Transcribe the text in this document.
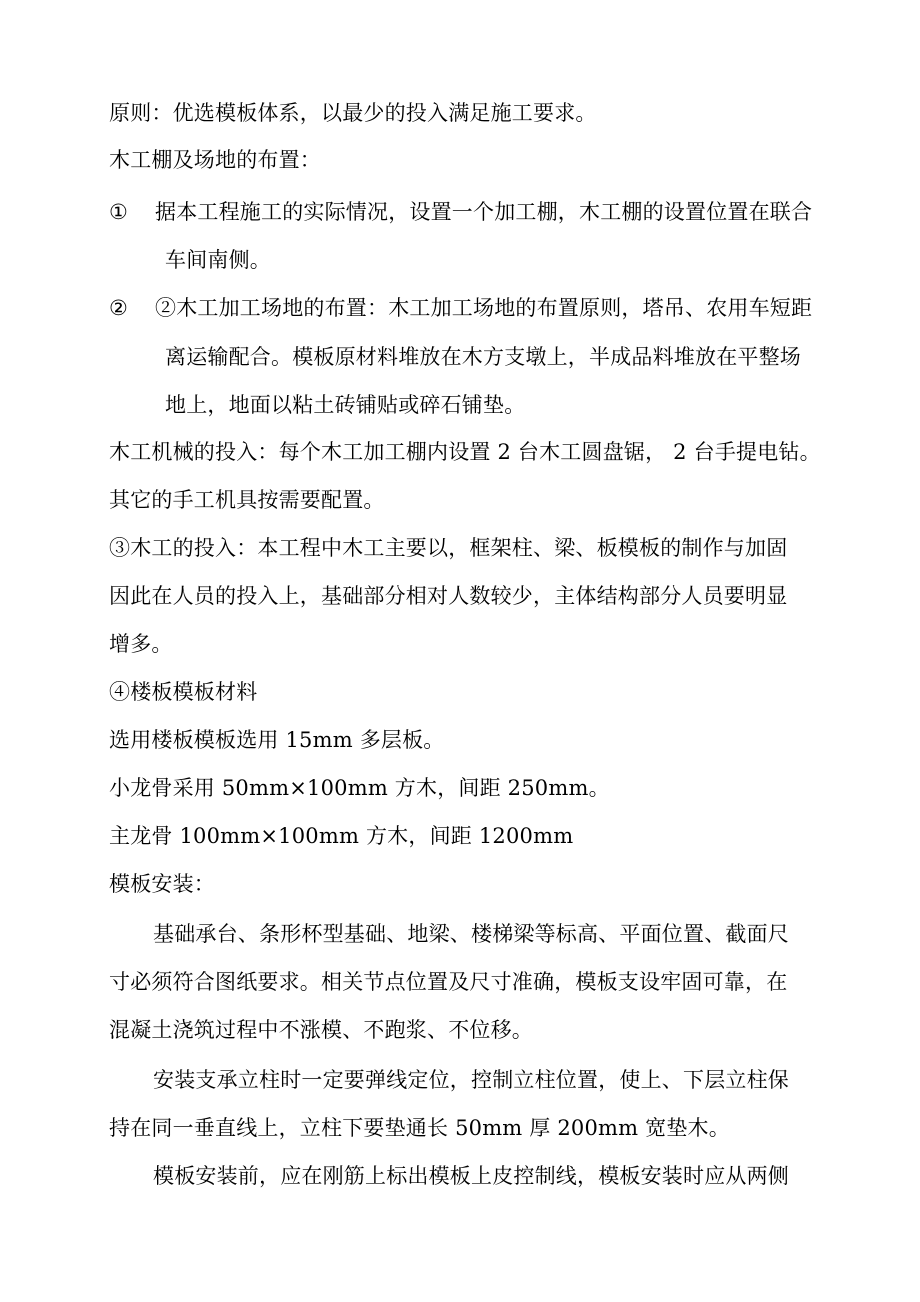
原则：优选模板体系，以最少的投入满足施工要求。
木工棚及场地的布置：
① 据本工程施工的实际情况，设置一个加工棚，木工棚的设置位置在联合
车间南侧。
② ②木工加工场地的布置：木工加工场地的布置原则，塔吊、农用车短距
离运输配合。模板原材料堆放在木方支墩上，半成品料堆放在平整场
地上，地面以粘土砖铺贴或碎石铺垫。
木工机械的投入：每个木工加工棚内设置 2 台木工圆盘锯， 2 台手提电钻。
其它的手工机具按需要配置。
③木工的投入：本工程中木工主要以，框架柱、梁、板模板的制作与加固
因此在人员的投入上，基础部分相对人数较少，主体结构部分人员要明显
增多。
④楼板模板材料
选用楼板模板选用 15mm 多层板。
小龙骨采用 50mm×100mm 方木，间距 250mm。
主龙骨 100mm×100mm 方木，间距 1200mm
模板安装：
基础承台、条形杯型基础、地梁、楼梯梁等标高、平面位置、截面尺
寸必须符合图纸要求。相关节点位置及尺寸准确，模板支设牢固可靠，在
混凝土浇筑过程中不涨模、不跑浆、不位移。
安装支承立柱时一定要弹线定位，控制立柱位置，使上、下层立柱保
持在同一垂直线上，立柱下要垫通长 50mm 厚 200mm 宽垫木。
模板安装前，应在刚筋上标出模板上皮控制线，模板安装时应从两侧
